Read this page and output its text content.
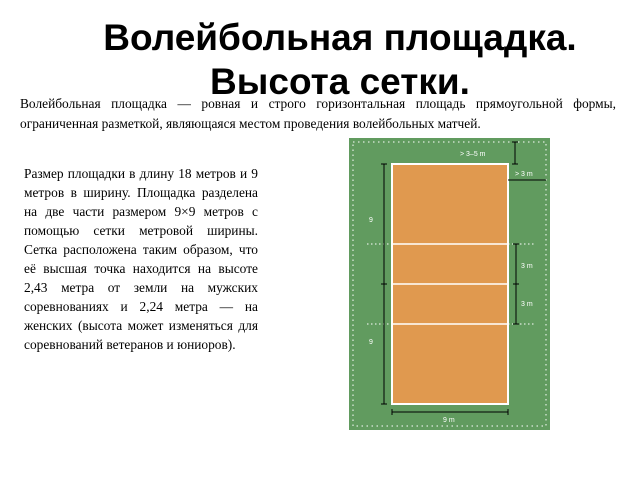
Волейбольная площадка.
Высота сетки.
Волейбольная площадка — ровная и строго горизонтальная площадь прямоугольной формы, ограниченная разметкой, являющаяся местом проведения волейбольных матчей.
Размер площадки в длину 18 метров и 9 метров в ширину. Площадка разделена на две части размером 9×9 метров с помощью сетки метровой ширины. Сетка расположена таким образом, что её высшая точка находится на высоте 2,43 метра от земли на мужских соревнованиях и 2,24 метра — на женских (высота может изменяться для соревнований ветеранов и юниоров).
> 3–5 m
> 3 m
9
9
3 m
3 m
9 m
